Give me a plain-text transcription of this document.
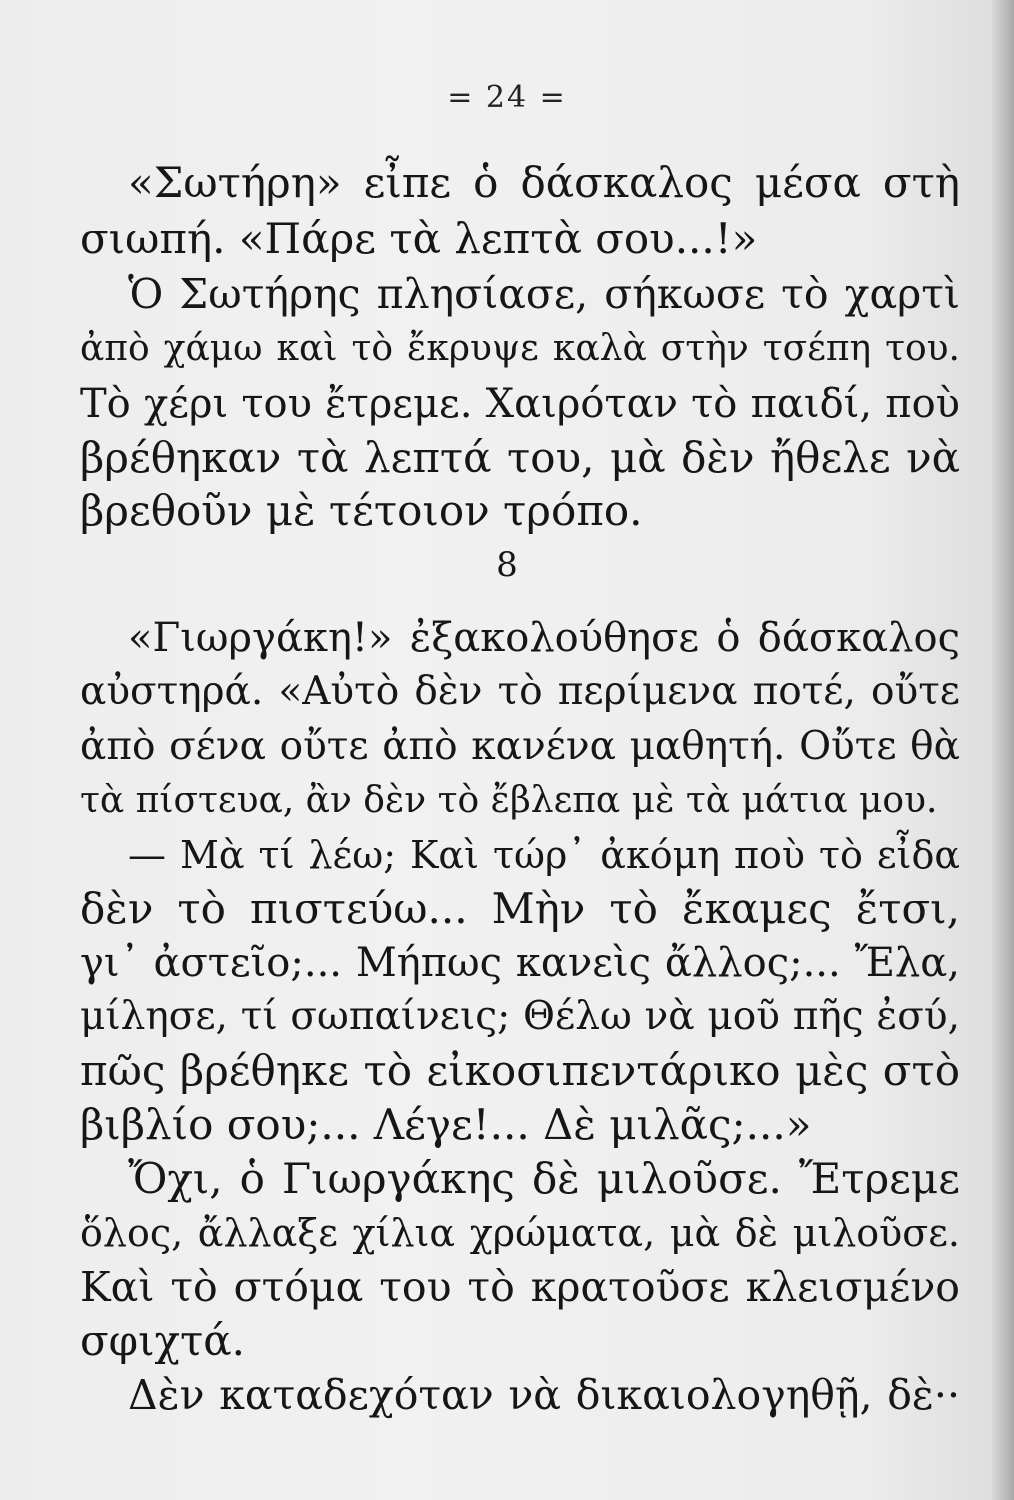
= 24 =
«Σωτήρη» εἶπε ὁ δάσκαλος μέσα στὴ
σιωπή. «Πάρε τὰ λεπτὰ σου...!»
Ὁ Σωτήρης πλησίασε, σήκωσε τὸ χαρτὶ
ἀπὸ χάμω καὶ τὸ ἔκρυψε καλὰ στὴν τσέπη του.
Τὸ χέρι του ἔτρεμε. Χαιρόταν τὸ παιδί, ποὺ
βρέθηκαν τὰ λεπτά του, μὰ δὲν ἤθελε νὰ
βρεθοῦν μὲ τέτοιον τρόπο.
8
«Γιωργάκη!» ἐξακολούθησε ὁ δάσκαλος
αὐστηρά. «Αὐτὸ δὲν τὸ περίμενα ποτέ, οὔτε
ἀπὸ σένα οὔτε ἀπὸ κανένα μαθητή. Οὔτε θὰ
τὰ πίστευα, ἂν δὲν τὸ ἔβλεπα μὲ τὰ μάτια μου.
— Μὰ τί λέω; Καὶ τώρ᾽ ἀκόμη ποὺ τὸ εἶδα
δὲν τὸ πιστεύω... Μὴν τὸ ἔκαμες ἔτσι,
γι᾽ ἀστεῖο;... Μήπως κανεὶς ἄλλος;... Ἔλα,
μίλησε, τί σωπαίνεις; Θέλω νὰ μοῦ πῆς ἐσύ,
πῶς βρέθηκε τὸ εἰκοσιπεντάρικο μὲς στὸ
βιβλίο σου;... Λέγε!... Δὲ μιλᾶς;...»
Ὄχι, ὁ Γιωργάκης δὲ μιλοῦσε. Ἔτρεμε
ὅλος, ἄλλαξε χίλια χρώματα, μὰ δὲ μιλοῦσε.
Καὶ τὸ στόμα του τὸ κρατοῦσε κλεισμένο
σφιχτά.
Δὲν καταδεχόταν νὰ δικαιολογηθῇ, δὲ··
